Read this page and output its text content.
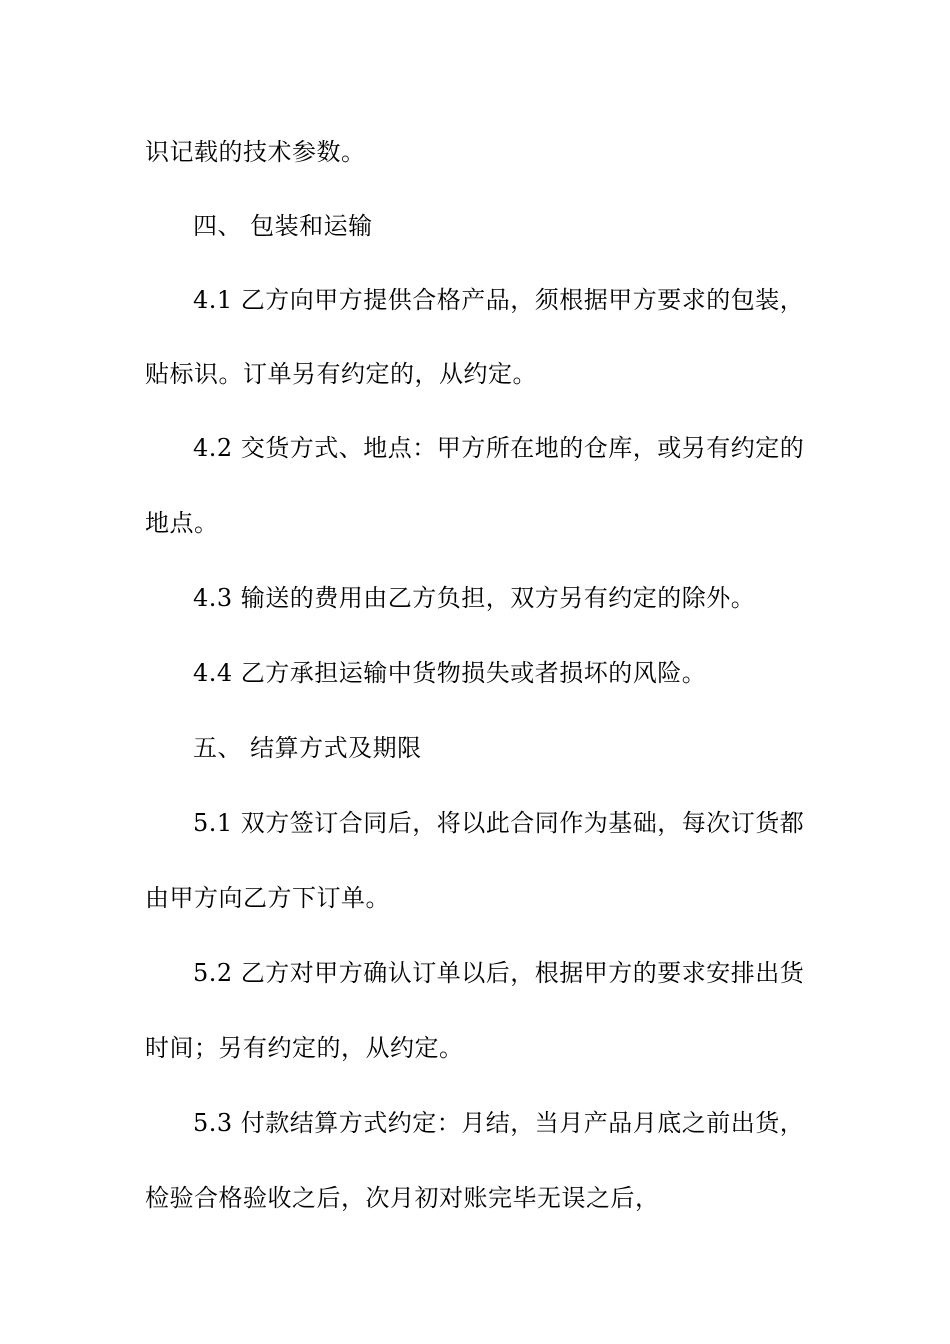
识记载的技术参数。
四、 包装和运输
4.1 乙方向甲方提供合格产品，须根据甲方要求的包装，
贴标识。订单另有约定的，从约定。
4.2 交货方式、地点：甲方所在地的仓库，或另有约定的
地点。
4.3 输送的费用由乙方负担，双方另有约定的除外。
4.4 乙方承担运输中货物损失或者损坏的风险。
五、 结算方式及期限
5.1 双方签订合同后，将以此合同作为基础，每次订货都
由甲方向乙方下订单。
5.2 乙方对甲方确认订单以后，根据甲方的要求安排出货
时间；另有约定的，从约定。
5.3 付款结算方式约定：月结，当月产品月底之前出货，
检验合格验收之后，次月初对账完毕无误之后，
